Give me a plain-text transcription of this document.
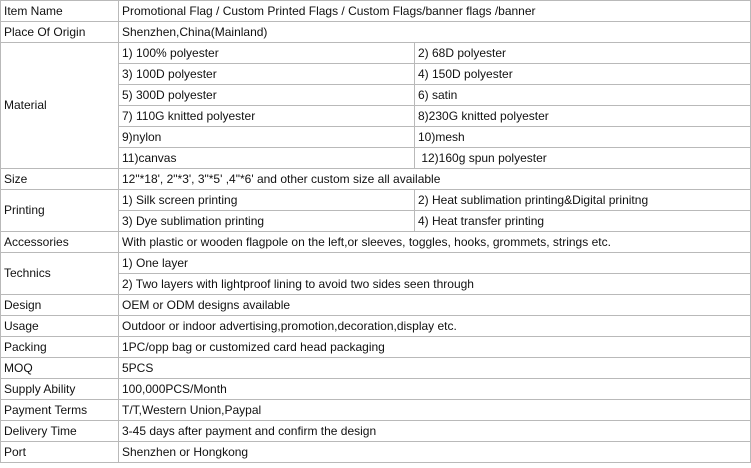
Item Name	Promotional Flag / Custom Printed Flags / Custom Flags/banner flags /banner	
Place Of Origin	Shenzhen,China(Mainland)	
Material	1) 100% polyester	2) 68D polyester
	3) 100D polyester	4) 150D polyester
	5) 300D polyester	6) satin
	7) 110G knitted polyester	8)230G knitted polyester
	9)nylon	10)mesh
	11)canvas	12)160g spun polyester
Size	12"*18', 2"*3', 3"*5' ,4"*6' and other custom size all available	
Printing	1) Silk screen printing	2) Heat sublimation printing&Digital prinitng
	3) Dye sublimation printing	4) Heat transfer printing
Accessories	With plastic or wooden flagpole on the left,or sleeves, toggles, hooks, grommets, strings etc.	
Technics	1) One layer	
	2) Two layers with lightproof lining to avoid two sides seen through	
Design	OEM or ODM designs available	
Usage	Outdoor or indoor advertising,promotion,decoration,display etc.	
Packing	1PC/opp bag or customized card head packaging	
MOQ	5PCS	
Supply Ability	100,000PCS/Month	
Payment Terms	T/T,Western Union,Paypal	
Delivery Time	3-45 days after payment and confirm the design	
Port	Shenzhen or Hongkong	
